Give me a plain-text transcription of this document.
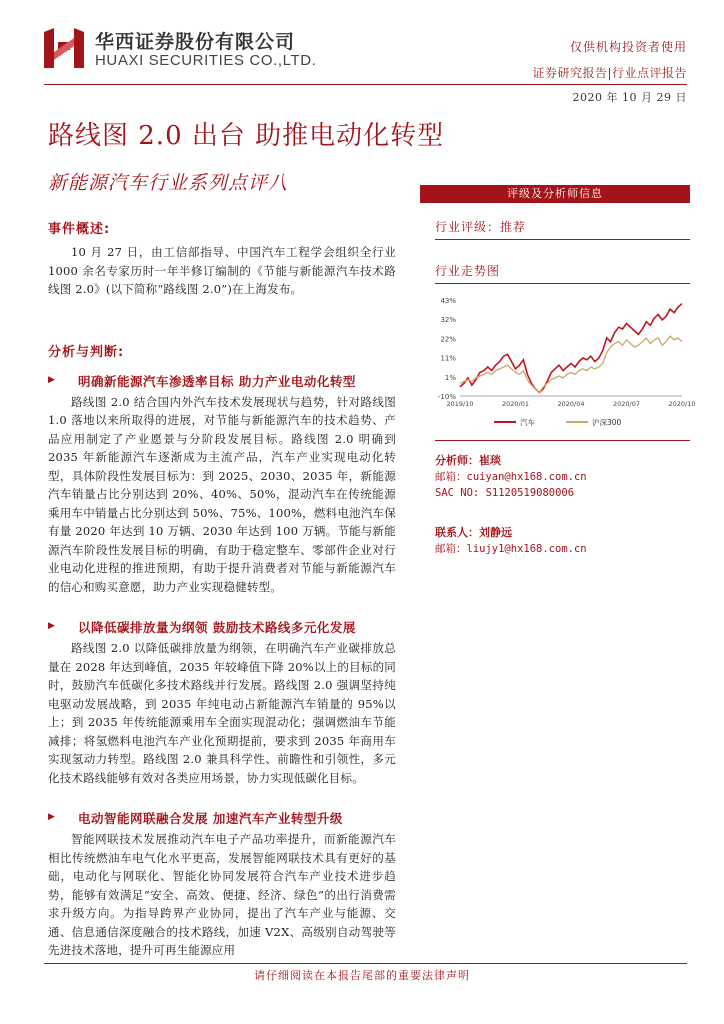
华西证券股份有限公司
HUAXI SECURITIES CO.,LTD.
仅供机构投资者使用
证券研究报告|行业点评报告
2020 年 10 月 29 日
路线图 2.0 出台 助推电动化转型
新能源汽车行业系列点评八
事件概述:

10 月 27 日，由工信部指导、中国汽车工程学会组织全行业 1000 余名专家历时一年半修订编制的《节能与新能源汽车技术路线图 2.0》(以下简称“路线图 2.0”)在上海发布。

分析与判断:
▶ 明确新能源汽车渗透率目标 助力产业电动化转型

路线图 2.0 结合国内外汽车技术发展现状与趋势，针对路线图 1.0 落地以来所取得的进展，对节能与新能源汽车的技术趋势、产品应用制定了产业愿景与分阶段发展目标。路线图 2.0 明确到 2035 年新能源汽车逐渐成为主流产品，汽车产业实现电动化转型，具体阶段性发展目标为：到 2025、2030、2035 年，新能源汽车销量占比分别达到 20%、40%、50%，混动汽车在传统能源乘用车中销量占比分别达到 50%、75%、100%，燃料电池汽车保有量 2020 年达到 10 万辆、2030 年达到 100 万辆。节能与新能源汽车阶段性发展目标的明确，有助于稳定整车、零部件企业对行业电动化进程的推进预期，有助于提升消费者对节能与新能源汽车的信心和购买意愿，助力产业实现稳健转型。

▶ 以降低碳排放量为纲领 鼓励技术路线多元化发展

路线图 2.0 以降低碳排放量为纲领，在明确汽车产业碳排放总量在 2028 年达到峰值，2035 年较峰值下降 20%以上的目标的同时，鼓励汽车低碳化多技术路线并行发展。路线图 2.0 强调坚持纯电驱动发展战略，到 2035 年纯电动占新能源汽车销量的 95%以上；到 2035 年传统能源乘用车全面实现混动化；强调燃油车节能减排；将氢燃料电池汽车产业化预期提前，要求到 2035 年商用车实现氢动力转型。路线图 2.0 兼具科学性、前瞻性和引领性，多元化技术路线能够有效对各类应用场景，协力实现低碳化目标。

▶ 电动智能网联融合发展 加速汽车产业转型升级

智能网联技术发展推动汽车电子产品功率提升，而新能源汽车相比传统燃油车电气化水平更高，发展智能网联技术具有更好的基础，电动化与网联化、智能化协同发展符合汽车产业技术进步趋势，能够有效满足“安全、高效、便捷、经济、绿色”的出行消费需求升级方向。为指导跨界产业协同，提出了汽车产业与能源、交通、信息通信深度融合的技术路线，加速 V2X、高级别自动驾驶等先进技术落地，提升可再生能源应用

评级及分析师信息
行业评级：推荐
行业走势图
43%
32%
22%
11%
1%
-10%
2019/10	2020/01	2020/04	2020/07	2020/10
汽车	沪深300
分析师：崔琰
邮箱：cuiyan@hx168.com.cn
SAC NO: S1120519080006
联系人：刘静远
邮箱：liujy1@hx168.com.cn
请仔细阅读在本报告尾部的重要法律声明
